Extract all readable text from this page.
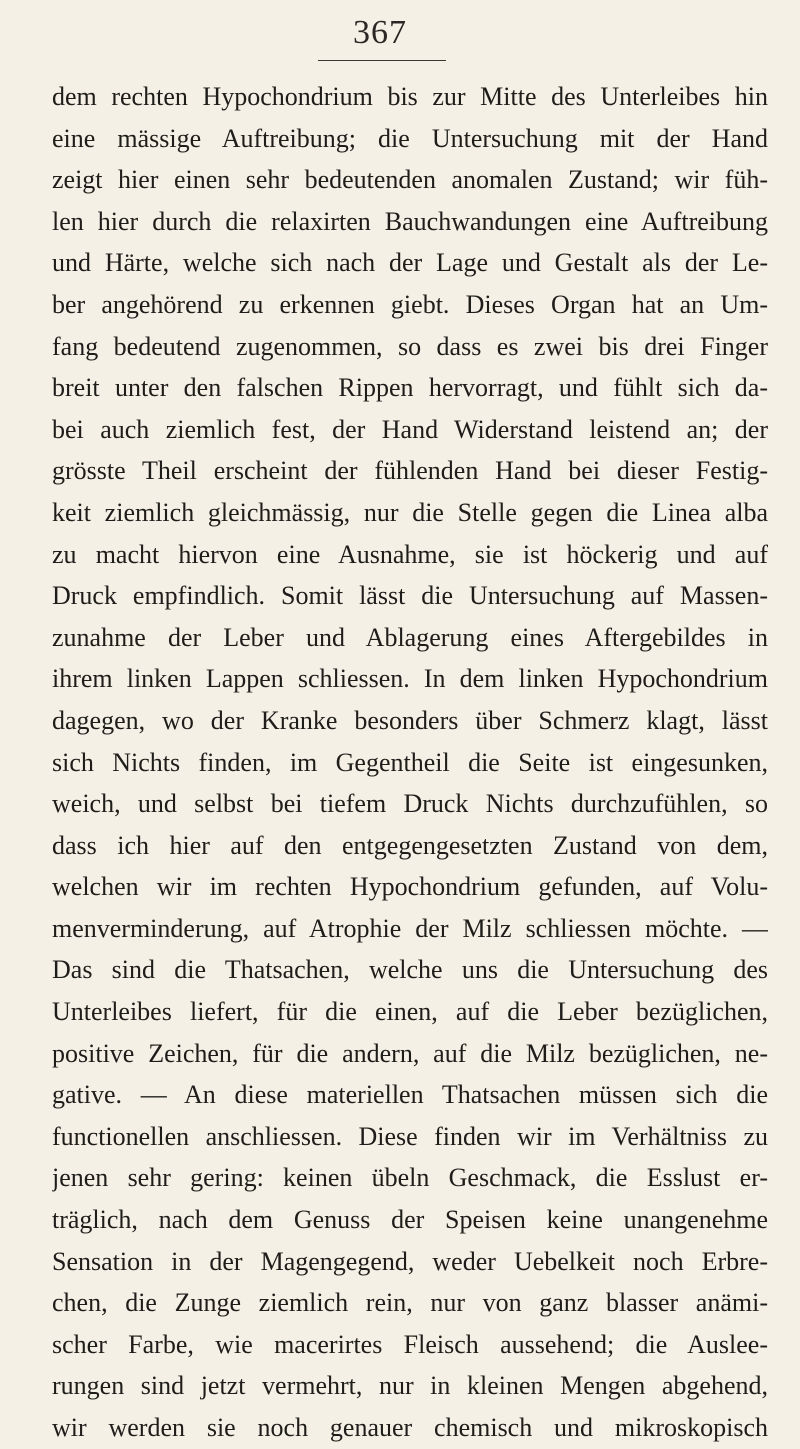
367
dem rechten Hypochondrium bis zur Mitte des Unterleibes hin
eine mässige Auftreibung; die Untersuchung mit der Hand
zeigt hier einen sehr bedeutenden anomalen Zustand; wir füh-
len hier durch die relaxirten Bauchwandungen eine Auftreibung
und Härte, welche sich nach der Lage und Gestalt als der Le-
ber angehörend zu erkennen giebt. Dieses Organ hat an Um-
fang bedeutend zugenommen, so dass es zwei bis drei Finger
breit unter den falschen Rippen hervorragt, und fühlt sich da-
bei auch ziemlich fest, der Hand Widerstand leistend an; der
grösste Theil erscheint der fühlenden Hand bei dieser Festig-
keit ziemlich gleichmässig, nur die Stelle gegen die Linea alba
zu macht hiervon eine Ausnahme, sie ist höckerig und auf
Druck empfindlich. Somit lässt die Untersuchung auf Massen-
zunahme der Leber und Ablagerung eines Aftergebildes in
ihrem linken Lappen schliessen. In dem linken Hypochondrium
dagegen, wo der Kranke besonders über Schmerz klagt, lässt
sich Nichts finden, im Gegentheil die Seite ist eingesunken,
weich, und selbst bei tiefem Druck Nichts durchzufühlen, so
dass ich hier auf den entgegengesetzten Zustand von dem,
welchen wir im rechten Hypochondrium gefunden, auf Volu-
menverminderung, auf Atrophie der Milz schliessen möchte. —
Das sind die Thatsachen, welche uns die Untersuchung des
Unterleibes liefert, für die einen, auf die Leber bezüglichen,
positive Zeichen, für die andern, auf die Milz bezüglichen, ne-
gative. — An diese materiellen Thatsachen müssen sich die
functionellen anschliessen. Diese finden wir im Verhältniss zu
jenen sehr gering: keinen übeln Geschmack, die Esslust er-
träglich, nach dem Genuss der Speisen keine unangenehme
Sensation in der Magengegend, weder Uebelkeit noch Erbre-
chen, die Zunge ziemlich rein, nur von ganz blasser anämi-
scher Farbe, wie macerirtes Fleisch aussehend; die Auslee-
rungen sind jetzt vermehrt, nur in kleinen Mengen abgehend,
wir werden sie noch genauer chemisch und mikroskopisch
